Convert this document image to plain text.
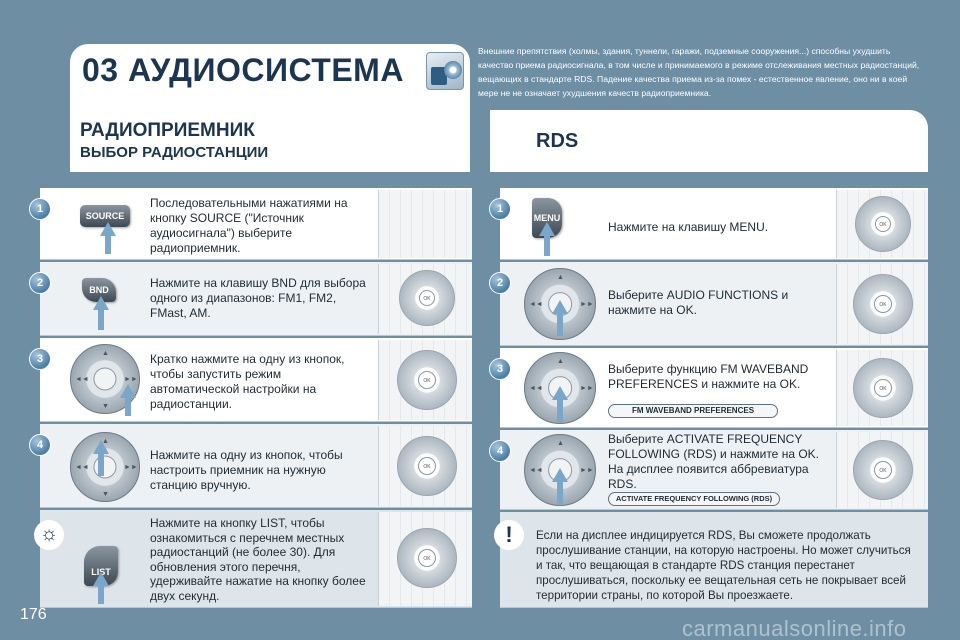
03 АУДИОСИСТЕМА
Внешние препятствия (холмы, здания, туннели, гаражи, подземные сооружения...) способны ухудшить качество приема радиосигнала, в том числе и принимаемого в режиме отслеживания местных радиостанций, вещающих в стандарте RDS. Падение качества приема из-за помех - естественное явление, оно ни в коей мере не не означает ухудшения качеств радиоприемника.
РАДИОПРИЕМНИК
ВЫБОР РАДИОСТАНЦИИ
RDS
1
SOURCE
Последовательными нажатиями на кнопку SOURCE ("Источник аудиосигнала") выберите радиоприемник.
2
BND	Нажмите на клавишу BND для выбора одного из диапазонов: FM1, FM2, FMast, AM.
OK
3	▲
▼
◄◄	►►
Кратко нажмите на одну из кнопок, чтобы запустить режим автоматической настройки на радиостанции.
OK
4	▲
▼
◄◄	►►
Нажмите на одну из кнопок, чтобы настроить приемник на нужную станцию вручную.
OK
LIST
Нажмите на кнопку LIST, чтобы ознакомиться с перечнем местных радиостанций (не более 30). Для обновления этого перечня, удерживайте нажатие на кнопку более двух секунд.
OK
☼
1
MENU
Нажмите на клавишу MENU.	OK
2	▲
◄◄	►►
Выберите AUDIO FUNCTIONS и нажмите на OK.	OK
3
▲
◄◄	►►
Выберите функцию FM WAVEBAND PREFERENCES и нажмите на OK.
FM WAVEBAND PREFERENCES
OK
4
▲
◄◄	►►
Выберите ACTIVATE FREQUENCY FOLLOWING (RDS) и нажмите на OK. На дисплее появится аббревиатура RDS.
ACTIVATE FREQUENCY FOLLOWING (RDS)
OK
Если на дисплее индицируется RDS, Вы сможете продолжать прослушивание станции, на которую настроены. Но может случиться и так, что вещающая в стандарте RDS станция перестанет прослушиваться, поскольку ее вещательная сеть не покрывает всей территории страны, по которой Вы проезжаете.
!
176
carmanualsonline.info
